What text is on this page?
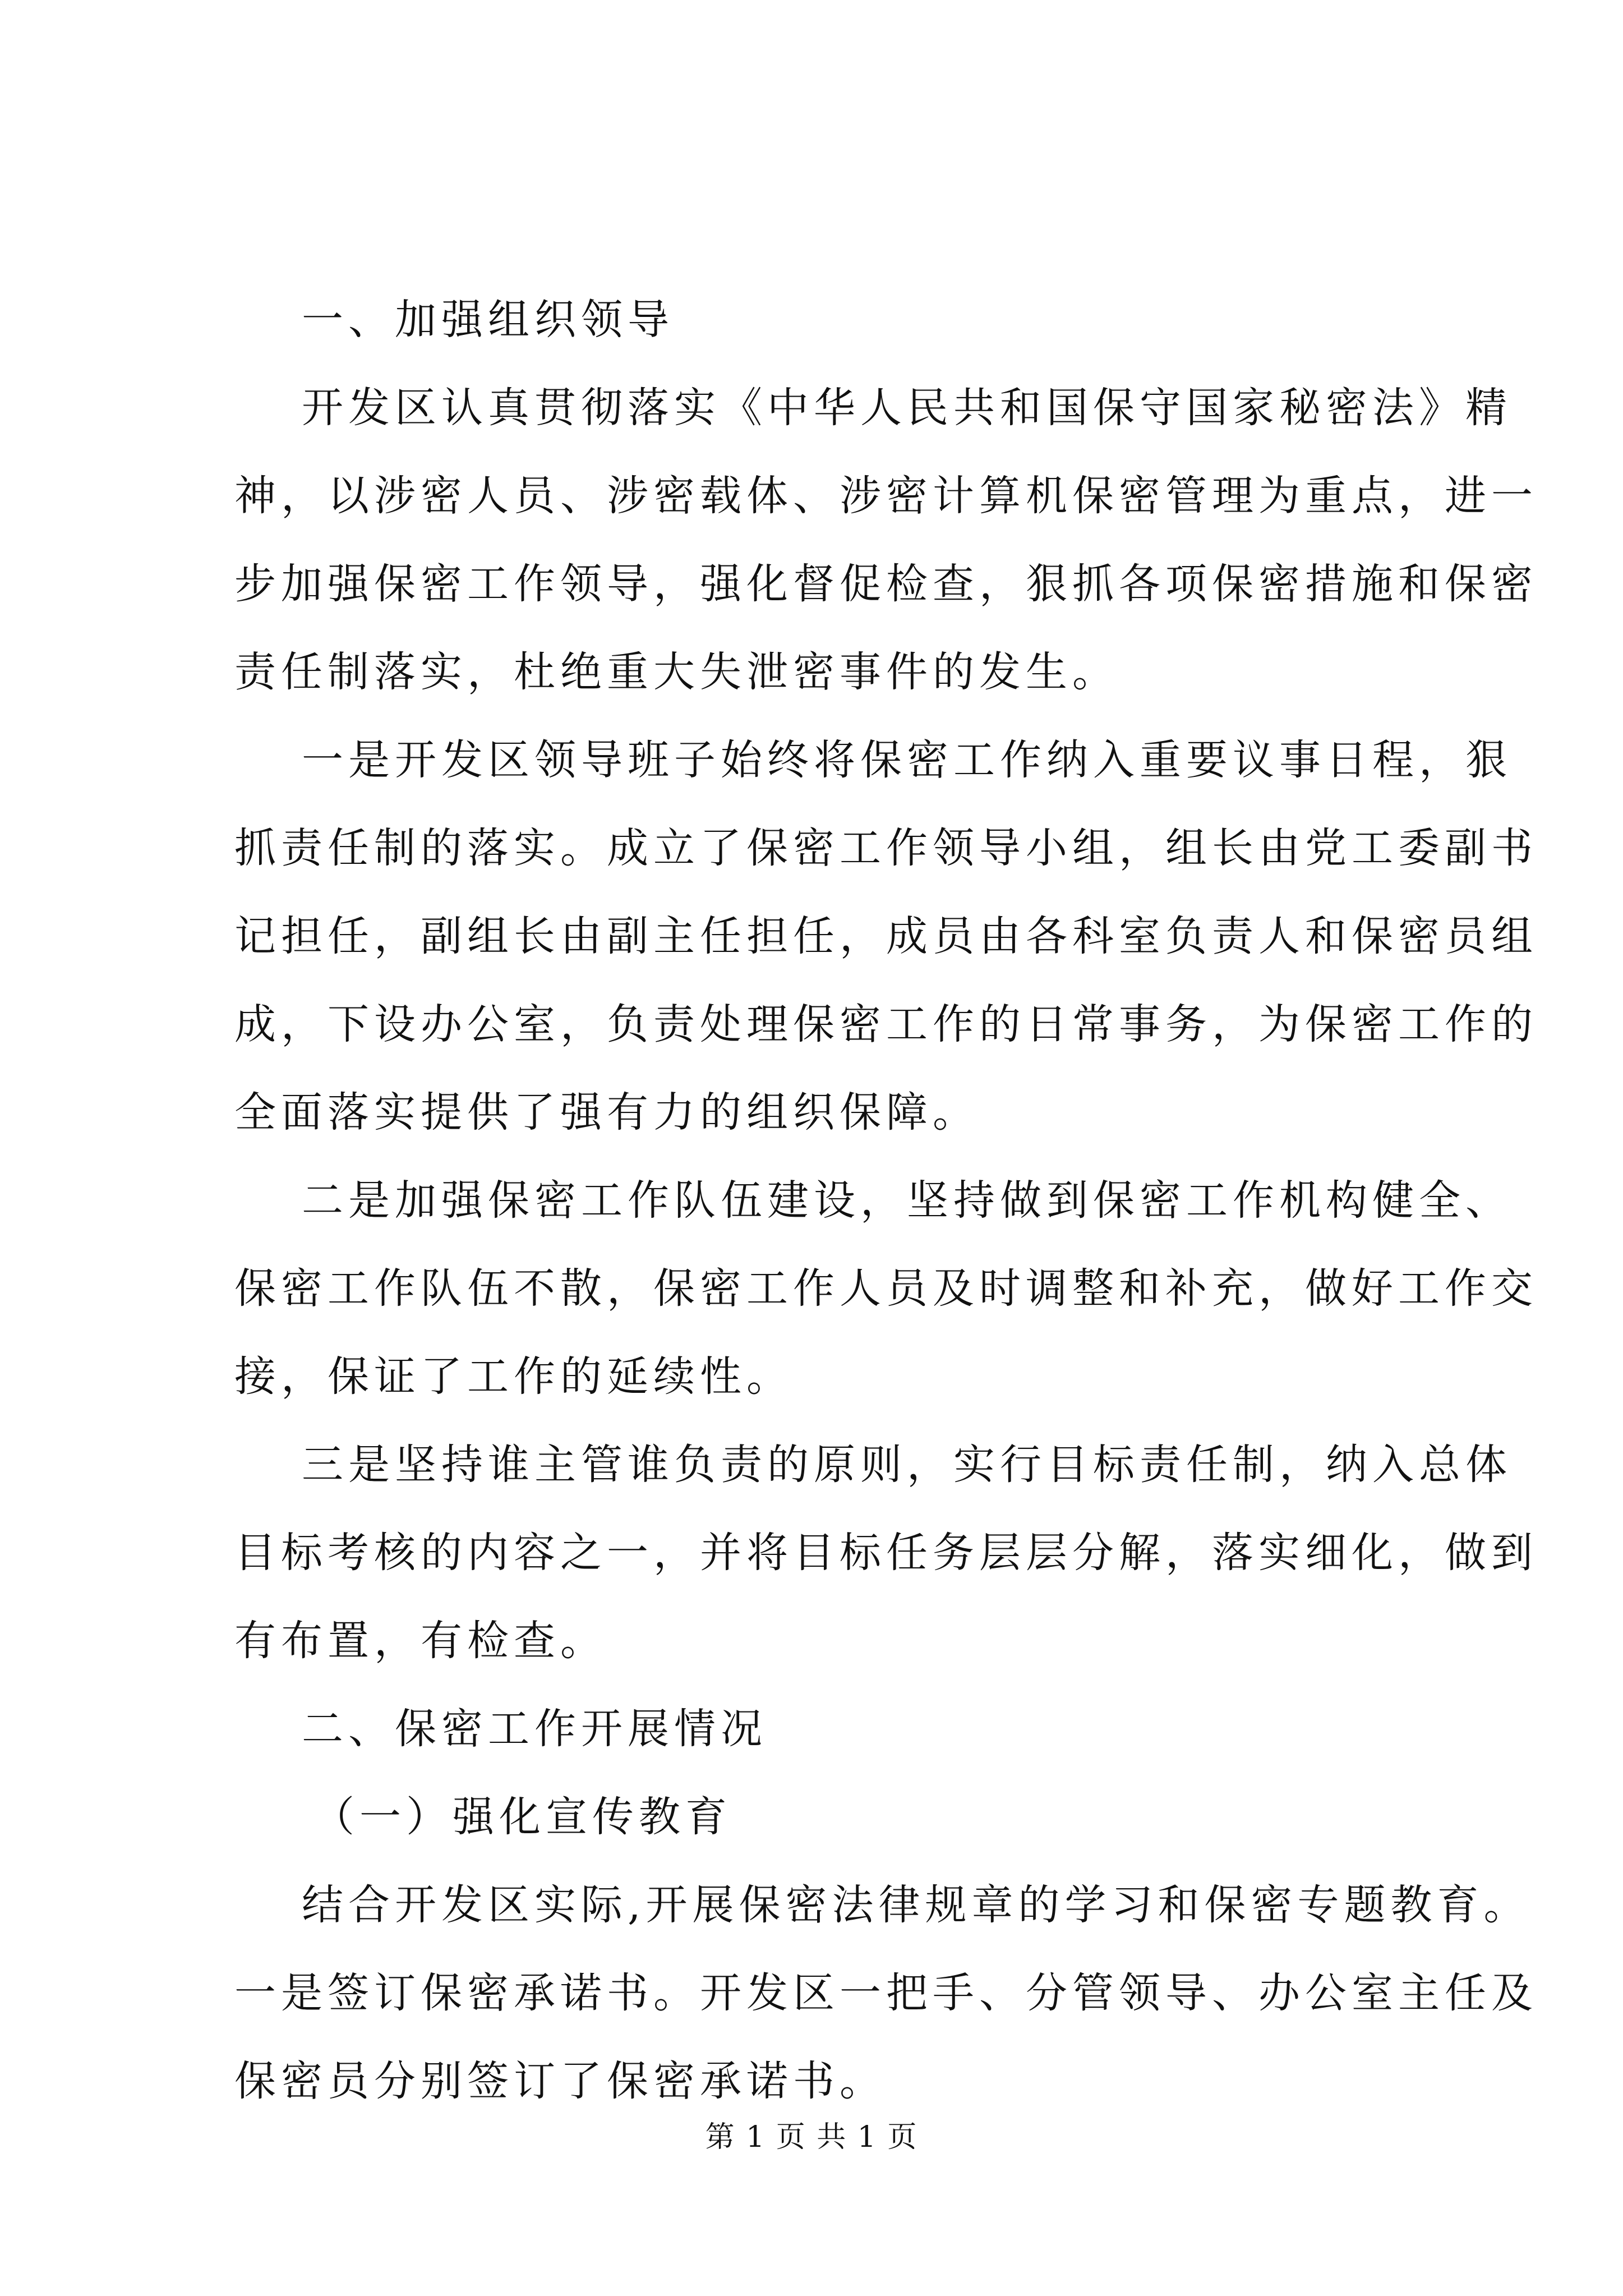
一、加强组织领导
开发区认真贯彻落实《中华人民共和国保守国家秘密法》精
神，以涉密人员、涉密载体、涉密计算机保密管理为重点，进一
步加强保密工作领导，强化督促检查，狠抓各项保密措施和保密
责任制落实，杜绝重大失泄密事件的发生。
一是开发区领导班子始终将保密工作纳入重要议事日程，狠
抓责任制的落实。成立了保密工作领导小组，组长由党工委副书
记担任，副组长由副主任担任，成员由各科室负责人和保密员组
成，下设办公室，负责处理保密工作的日常事务，为保密工作的
全面落实提供了强有力的组织保障。
二是加强保密工作队伍建设，坚持做到保密工作机构健全、
保密工作队伍不散，保密工作人员及时调整和补充，做好工作交
接，保证了工作的延续性。
三是坚持谁主管谁负责的原则，实行目标责任制，纳入总体
目标考核的内容之一，并将目标任务层层分解，落实细化，做到
有布置，有检查。
二、保密工作开展情况
（一）强化宣传教育
结合开发区实际,开展保密法律规章的学习和保密专题教育。
一是签订保密承诺书。开发区一把手、分管领导、办公室主任及
保密员分别签订了保密承诺书。
第 1 页 共 1 页
